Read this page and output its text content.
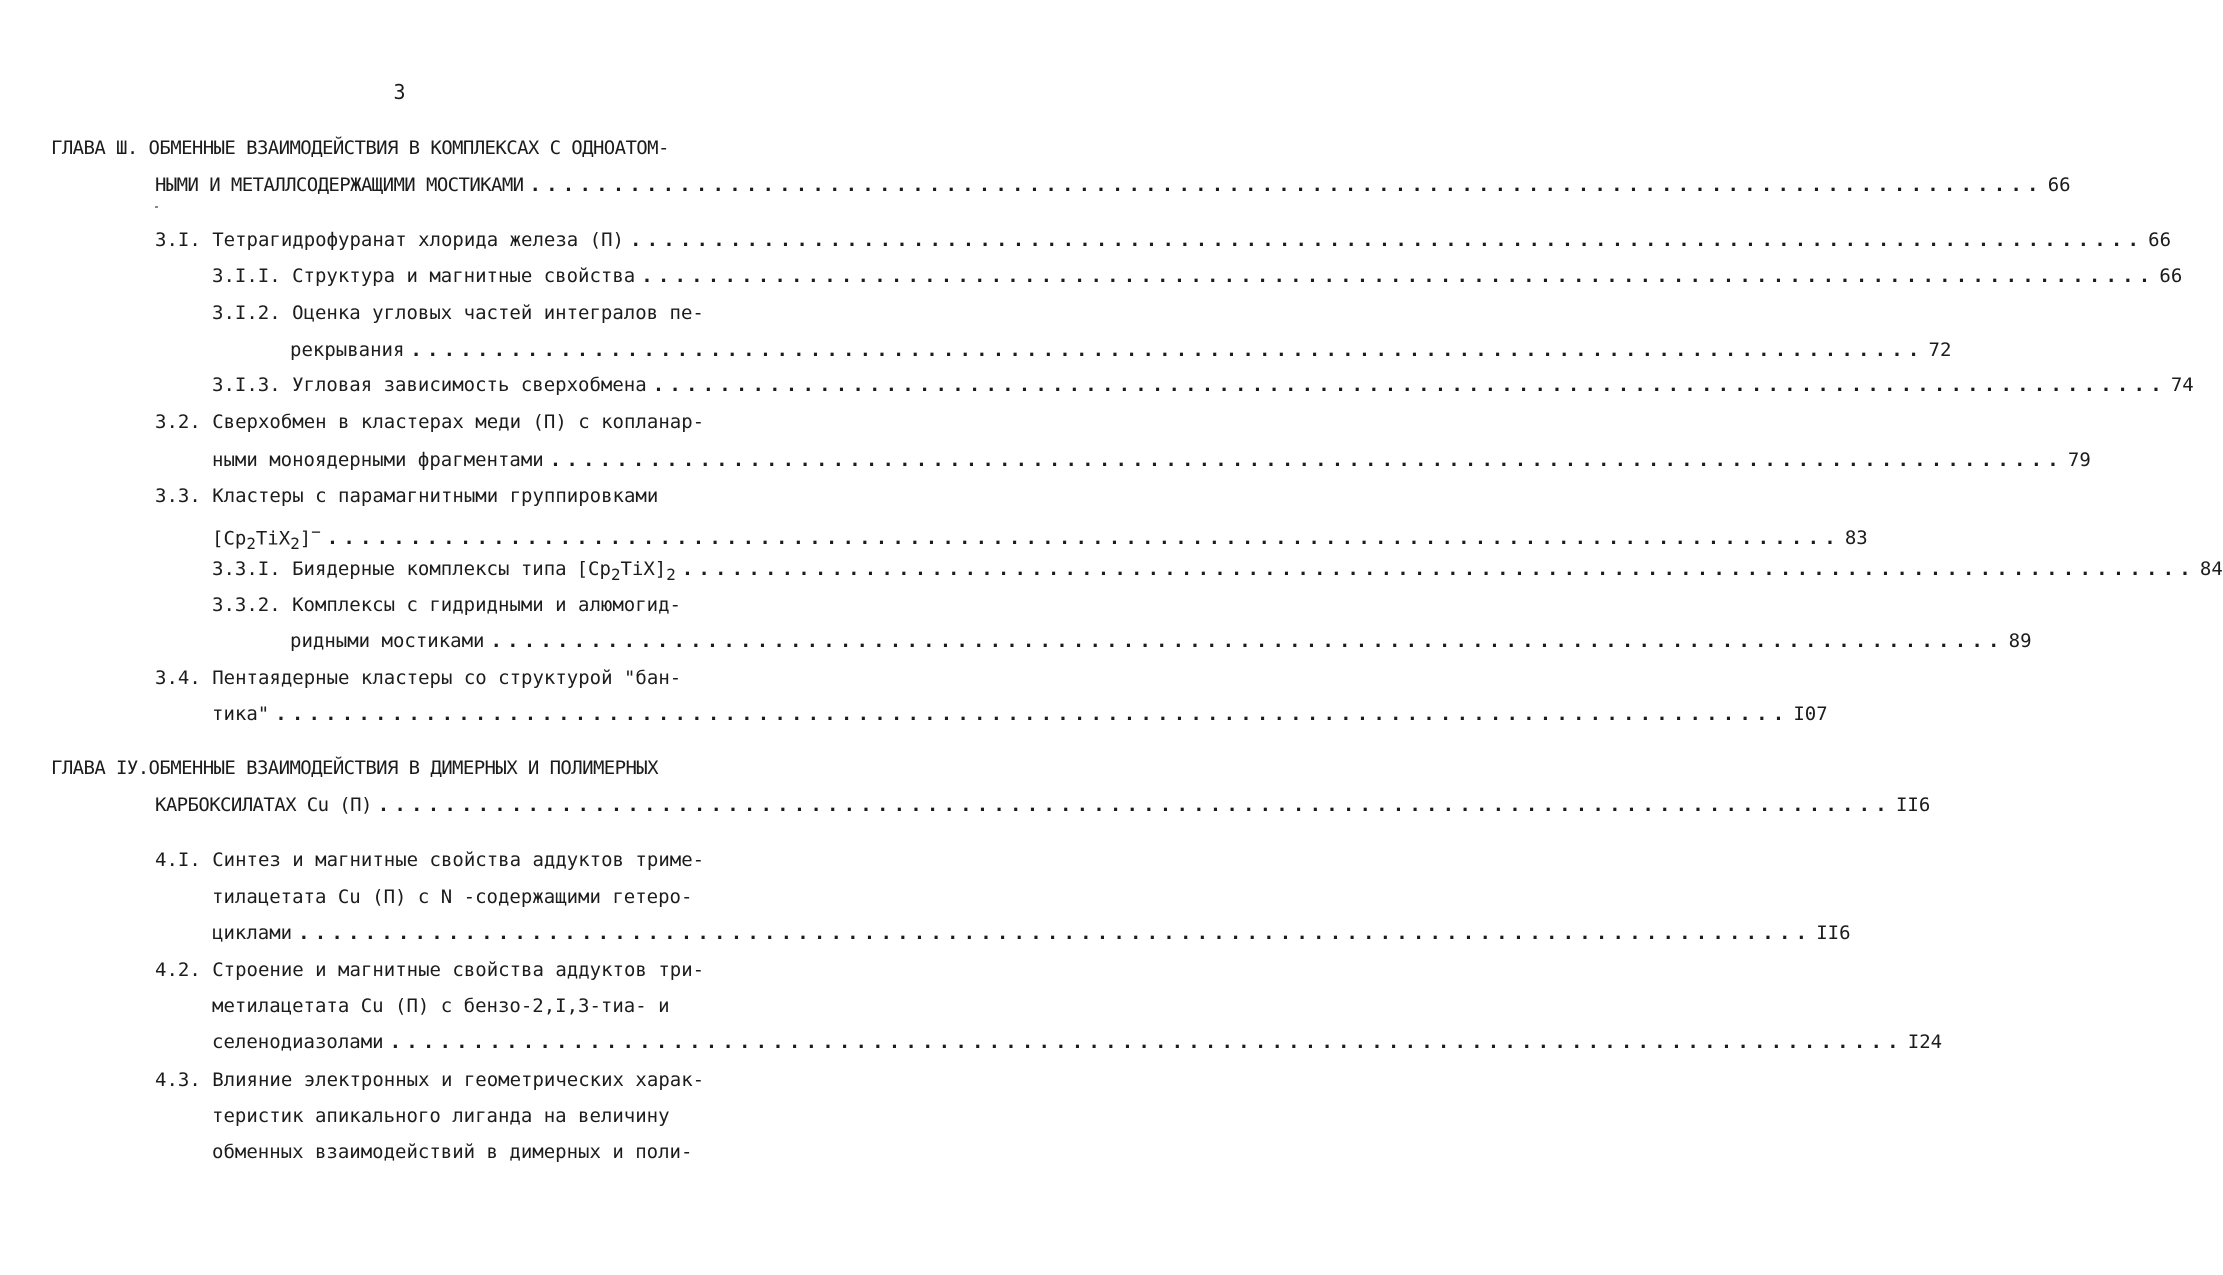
3
ГЛАВА Ш. ОБМЕННЫЕ ВЗАИМОДЕЙСТВИЯ В КОМПЛЕКСАХ С ОДНОАТОМ-
НЫМИ И МЕТАЛЛСОДЕРЖАЩИМИ МОСТИКАМИ ........................................................................................... 66
3.I. Тетрагидрофуранат хлорида железа (П) ........................................................................................... 66
3.I.I. Структура и магнитные свойства ........................................................................................... 66
3.I.2. Оценка угловых частей интегралов пе-
рекрывания ........................................................................................... 72
3.I.3. Угловая зависимость сверхобмена ........................................................................................... 74
3.2. Сверхобмен в кластерах меди (П) с копланар-
ными моноядерными фрагментами ........................................................................................... 79
3.3. Кластеры с парамагнитными группировками
$[Cp_2TiX_2]^-$ ........................................................................................... 83
3.3.I. Биядерные комплексы типа $[Cp_2TiX]_2$ ........................................................................................... 84
3.3.2. Комплексы с гидридными и алюмогид-
ридными мостиками ........................................................................................... 89
3.4. Пентаядерные кластеры со структурой "бан-
тика" ........................................................................................... I07
ГЛАВА IУ.ОБМЕННЫЕ ВЗАИМОДЕЙСТВИЯ В ДИМЕРНЫХ И ПОЛИМЕРНЫХ
КАРБОКСИЛАТАХ Cu (П) ........................................................................................... II6
4.I. Синтез и магнитные свойства аддуктов триме-
тилацетата Cu (П) с N -содержащими гетеро-
циклами ........................................................................................... II6
4.2. Строение и магнитные свойства аддуктов три-
метилацетата Cu (П) с бензо-2,I,3-тиа- и
селенодиазолами ........................................................................................... I24
4.3. Влияние электронных и геометрических харак-
теристик апикального лиганда на величину
обменных взаимодействий в димерных и поли-
